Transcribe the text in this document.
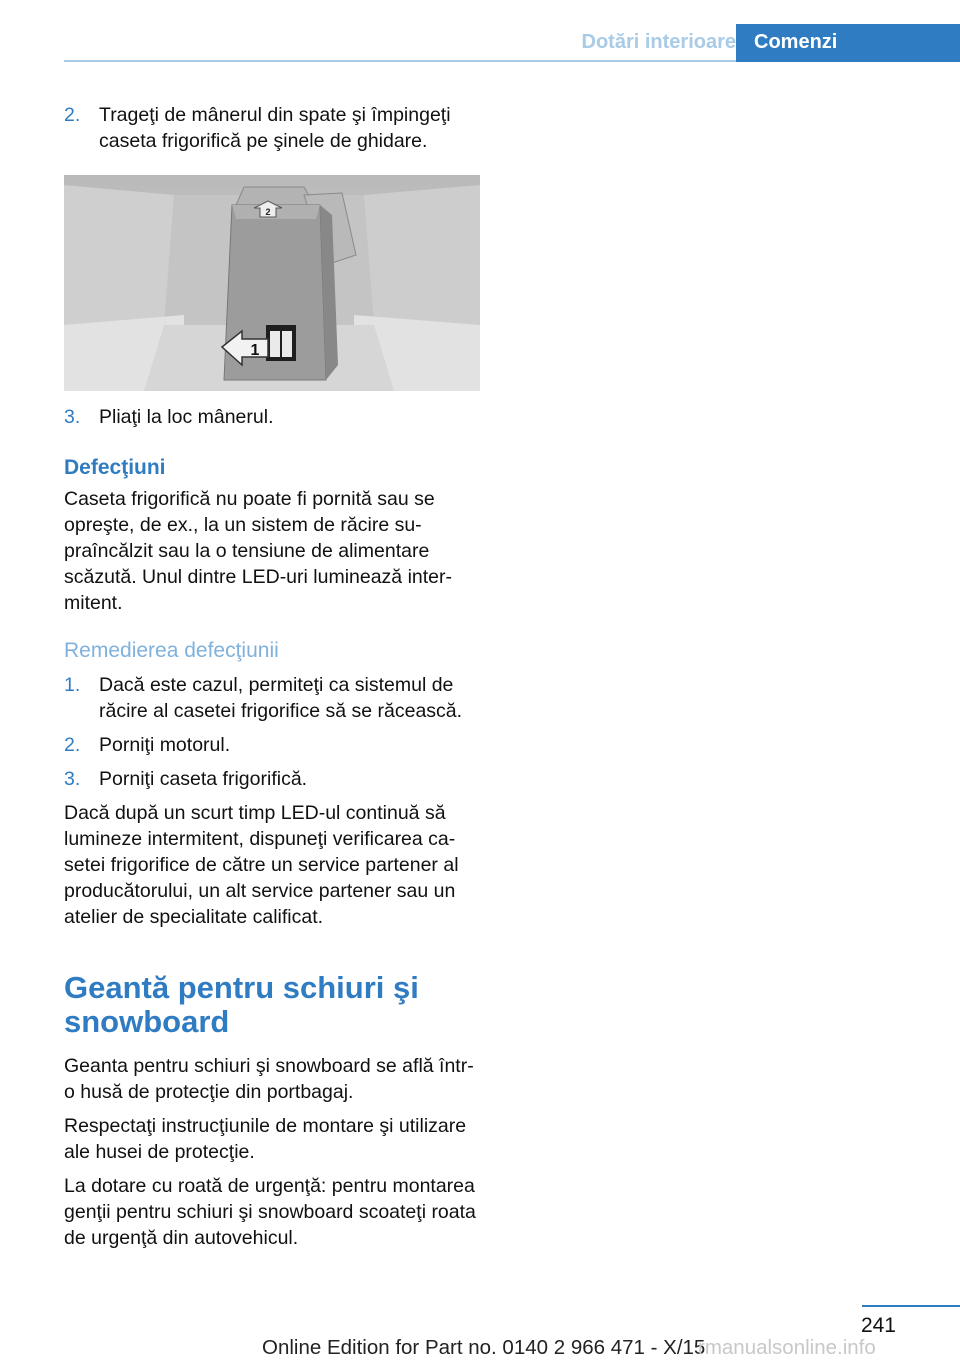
Dotări interioare Comenzi
2. Trageţi de mânerul din spate şi împingeţi caseta frigorifică pe şinele de ghidare.
2
1
3. Pliaţi la loc mânerul.
Defecţiuni
Caseta frigorifică nu poate fi pornită sau se opreşte, de ex., la un sistem de răcire supraîncălzit sau la o tensiune de alimentare scăzută. Unul dintre LED-uri luminează intermitent.
Remedierea defecţiunii
1. Dacă este cazul, permiteţi ca sistemul de răcire al casetei frigorifice să se răcească.
2. Porniţi motorul.
3. Porniţi caseta frigorifică.
Dacă după un scurt timp LED-ul continuă să lumineze intermitent, dispuneţi verificarea casetei frigorifice de către un service partener al producătorului, un alt service partener sau un atelier de specialitate calificat.
Geantă pentru schiuri şi snowboard
Geanta pentru schiuri şi snowboard se află într-o husă de protecţie din portbagaj.
Respectaţi instrucţiunile de montare şi utilizare ale husei de protecţie.
La dotare cu roată de urgenţă: pentru montarea genţii pentru schiuri şi snowboard scoateţi roata de urgenţă din autovehicul.
241
Online Edition for Part no. 0140 2 966 471 - X/15
rmanualsonline.info
